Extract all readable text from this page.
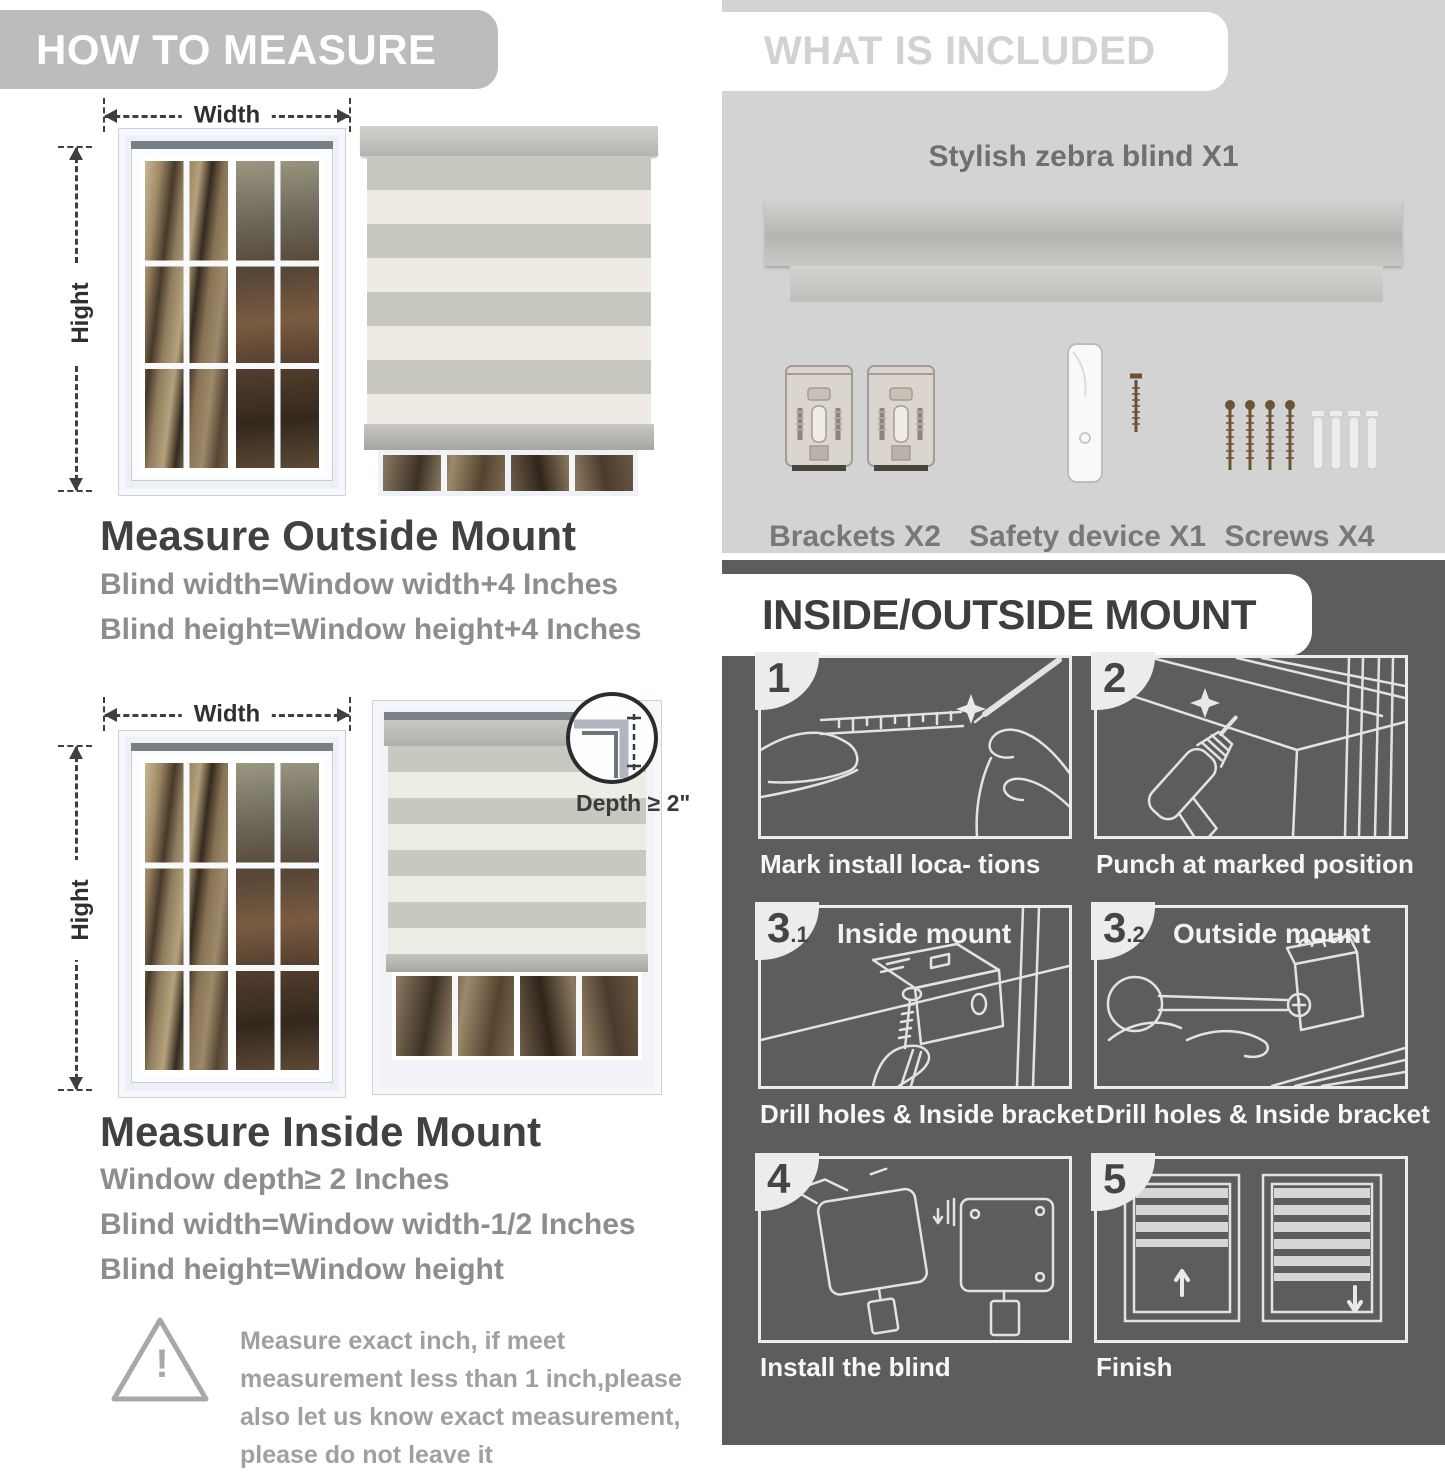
HOW TO MEASURE
Width
Hight
Measure Outside Mount
Blind width=Window width+4 Inches
Blind height=Window height+4 Inches
Width
Hight
Depth ≥ 2"
Measure Inside Mount
Window depth≥ 2 Inches
Blind width=Window width-1/2 Inches
Blind height=Window height
!
Measure exact inch, if meet measurement less than 1 inch,please also let us know exact measurement, please do not leave it
WHAT IS INCLUDED
Stylish zebra blind X1
Brackets X2 Safety device X1 Screws X4
INSIDE/OUTSIDE MOUNT
Mark install loca- tions
1
Punch at marked position
2
Inside mount
Drill holes & Inside bracket
3.1	Outside mount
Drill holes & Inside bracket
3.2
Install the blind
4
Finish
5
